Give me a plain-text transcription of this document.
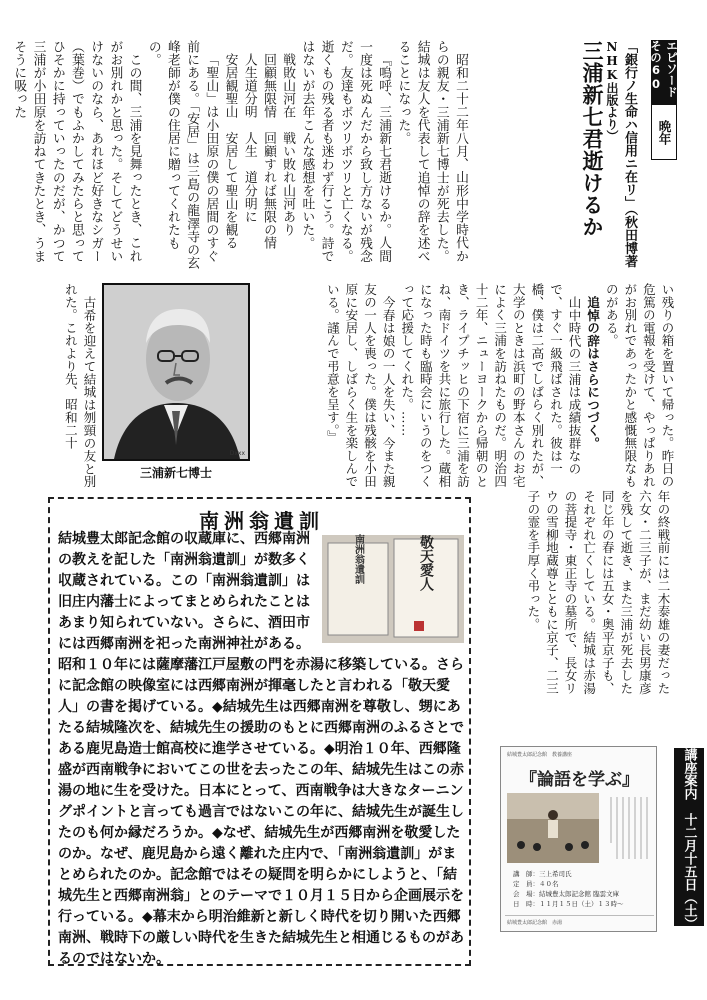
エピソードその60
晩年
「銀行ノ生命ハ信用ニ在リ」（秋田博著
NHK出版より）
三浦新七君逝けるか

昭和二十二年八月、山形中学時代からの親友・三浦新七博士が死去した。結城は友人を代表して追悼の辞を述べることになった。

『嗚呼、三浦新七君逝けるか。人間一度は死ぬんだから致し方ないが残念だ。友達もボツリボツリと亡くなる。逝くもの残る者も迷わず行こう。詩ではないが去年こんな感想を吐いた。

戦敗山河在　戦い敗れ山河あり

回顧無限情　回顧すれば無限の情

人生道分明　人生　道分明に

安居観聖山　安居して聖山を観る

「聖山」は小田原の僕の居間のすぐ前にある。「安居」は三島の龍澤寺の玄峰老師が僕の住居に贈ってくれたもの。

この間、三浦を見舞ったとき、これがお別れかと思った。そしてどうせいけないのなら、あれほど好きなシガー（葉巻）でもふかしてみたらと思ってひそかに持っていったのだが、かつて三浦が小田原を訪ねてきたとき、うまそうに吸った

い残りの箱を置いて帰った。昨日の危篤の電報を受けて、やっぱりあれがお別れであったかと感慨無限なものがある。

追悼の辞はさらにつづく。

山中時代の三浦は成績抜群なので、すぐ一級飛ばされた。彼は一橋、僕は二高でしばらく別れたが、大学のときは浜町の野本さんのお宅によく三浦を訪ねたものだ。明治四十二年、ニューヨークから帰朝のとき、ライプチッヒの下宿に三浦を訪ね、南ドイツを共に旅行した。蔵相になった時も臨時会にいうのをつくって応援してくれた。……

今春は娘の一人を失い、今また親友の一人を喪った。僕は残骸を小田原に安居し、しばらく生を楽しんでいる。謹んで弔意を呈す。』

古希を迎えて結城は刎頸の友と別れた。これより先、昭和二十

Dxxx
三浦新七博士

年の終戦前には二木泰雄の妻だった六女・二三子が、まだ幼い長男康彦を残して逝き、また三浦が死去した同じ年の春には五女・奥平京子も、それぞれ亡くしている。結城は赤湯の菩提寺・東正寺の墓所で、長女リウの雪柳地蔵尊とともに京子、二三子の霊を手厚く弔った。

南洲翁遺訓
敬天愛人
南洲翁遺訓
結城豊太郎記念館の収蔵庫に、西郷南洲の教えを記した「南洲翁遺訓」が数多く収蔵されている。この「南洲翁遺訓」は旧庄内藩士によってまとめられたことはあまり知られていない。さらに、酒田市には西郷南洲を祀った南洲神社がある。昭和１０年には薩摩藩江戸屋敷の門を赤湯に移築している。さらに記念館の映像室には西郷南洲が揮毫したと言われる「敬天愛人」の書を掲げている。◆結城先生は西郷南洲を尊敬し、甥にあたる結城隆次を、結城先生の援助のもとに西郷南洲のふるさとである鹿児島造士館高校に進学させている。◆明治１０年、西郷隆盛が西南戦争においてこの世を去ったこの年、結城先生はこの赤湯の地に生を受けた。日本にとって、西南戦争は大きなターニングポイントと言っても過言ではないこの年に、結城先生が誕生したのも何か縁だろうか。◆なぜ、結城先生が西郷南洲を敬愛したのか。なぜ、鹿児島から遠く離れた庄内で、「南洲翁遺訓」がまとめられたのか。記念館ではその疑問を明らかにしようと、「結城先生と西郷南洲翁」とのテーマで１０月１５日から企画展示を行っている。◆幕末から明治維新と新しく時代を切り開いた西郷南洲、戦時下の厳しい時代を生きた結城先生と相通じるものがあるのではないか。
講座案内　十二月十五日（土）
結城豊太郎記念館　教養講座
『論語を学ぶ』
講　師：三上希司氏
定　員：４０名
会　場：結城豊太郎記念館 臨雲文庫
日　時：１１月１５日（土）１３時～
結城豊太郎記念館　赤湯
